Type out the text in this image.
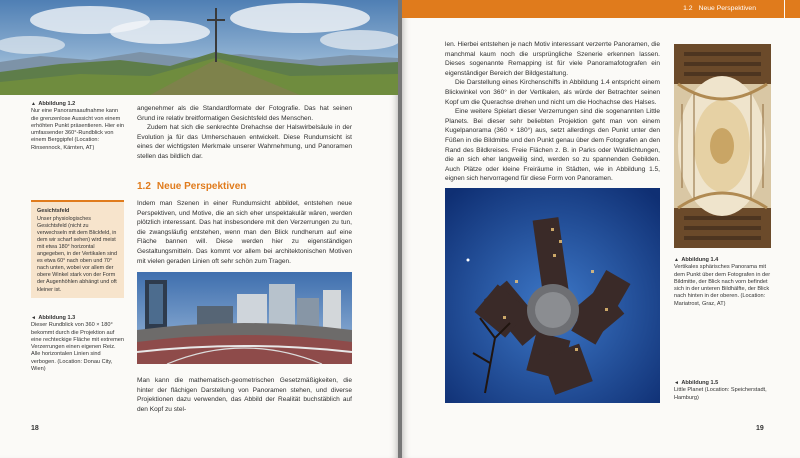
▲ Abbildung 1.2
Nur eine Panoramaaufnahme kann die grenzenlose Aussicht von einem erhöhten Punkt präsentieren. Hier ein umfassender 360°-Rundblick von einem Berggipfel (Location: Rinsennock, Kärnten, AT)

angenehmer als die Standardformate der Fotografie. Das hat seinen Grund ire relativ breitformatigen Gesichtsfeld des Menschen.

Zudem hat sich die senkrechte Drehachse der Halswirbelsäule in der Evolution ja für das Umherschauen entwickelt. Diese Rundumsicht ist eines der wichtigsten Merkmale unserer Wahrnehmung, und Panoramen stellen das bildlich dar.

1.2 Neue Perspektiven
Gesichtsfeld
Unser physiologisches Gesichtsfeld (nicht zu verwechseln mit dem Blickfeld, in dem wir scharf sehen) wird meist mit etwa 180° horizontal angegeben, in der Vertikalen sind es etwa 60° nach oben und 70° nach unten, wobei vor allem der obere Winkel stark von der Form der Augenhöhlen abhängt und oft kleiner ist.

Indem man Szenen in einer Rundumsicht abbildet, entstehen neue Perspektiven, und Motive, die an sich eher unspektakulär wären, werden plötzlich interessant. Das hat insbesondere mit den Verzerrungen zu tun, die zwangsläufig entstehen, wenn man den Blick rundherum auf eine Fläche bannen will. Diese werden hier zu eigenständigen Gestaltungsmitteln. Das kommt vor allem bei architektonischen Motiven mit vielen geraden Linien oft sehr schön zum Tragen.

◄ Abbildung 1.3
Dieser Rundblick von 360 × 180° bekommt durch die Projektion auf eine rechteckige Fläche mit extremen Verzerrungen einen eigenen Reiz. Alle horizontalen Linien sind verbogen. (Location: Donau City, Wien)

Man kann die mathematisch-geometrischen Gesetzmäßigkeiten, die hinter der flächigen Darstellung von Panoramen stehen, und diverse Projektionen dazu verwenden, das Abbild der Realität buchstäblich auf den Kopf zu stel-

18
1.2 Neue Perspektiven

len. Hierbei entstehen je nach Motiv interessant verzerrte Panoramen, die manchmal kaum noch die ursprüngliche Szenerie erkennen lassen. Dieses sogenannte Remapping ist für viele Panoramafotografen ein eigenständiger Bereich der Bildgestaltung.

Die Darstellung eines Kirchenschiffs in Abbildung 1.4 entspricht einem Blickwinkel von 360° in der Vertikalen, als würde der Betrachter seinen Kopf um die Querachse drehen und nicht um die Hochachse des Halses.

Eine weitere Spielart dieser Verzerrungen sind die sogenannten Little Planets. Bei dieser sehr beliebten Projektion geht man von einem Kugelpanorama (360 × 180°) aus, setzt allerdings den Punkt unter den Füßen in die Bildmitte und den Punkt genau über dem Fotografen an den Rand des Bildkreises. Freie Flächen z. B. in Parks oder Waldlichtungen, die an sich eher langweilig sind, werden so zu spannenden Gebilden. Auch Plätze oder kleine Freiräume in Städten, wie in Abbildung 1.5, eignen sich hervorragend für diese Form von Panoramen.

▲ Abbildung 1.4
Vertikales sphärisches Panorama mit dem Punkt über dem Fotografen in der Bildmitte, der Blick nach vorn befindet sich in der unteren Bildhälfte, der Blick nach hinten in der oberen. (Location: Mariatrost, Graz, AT)
◄ Abbildung 1.5
Little Planet (Location: Speicherstadt, Hamburg)
19
